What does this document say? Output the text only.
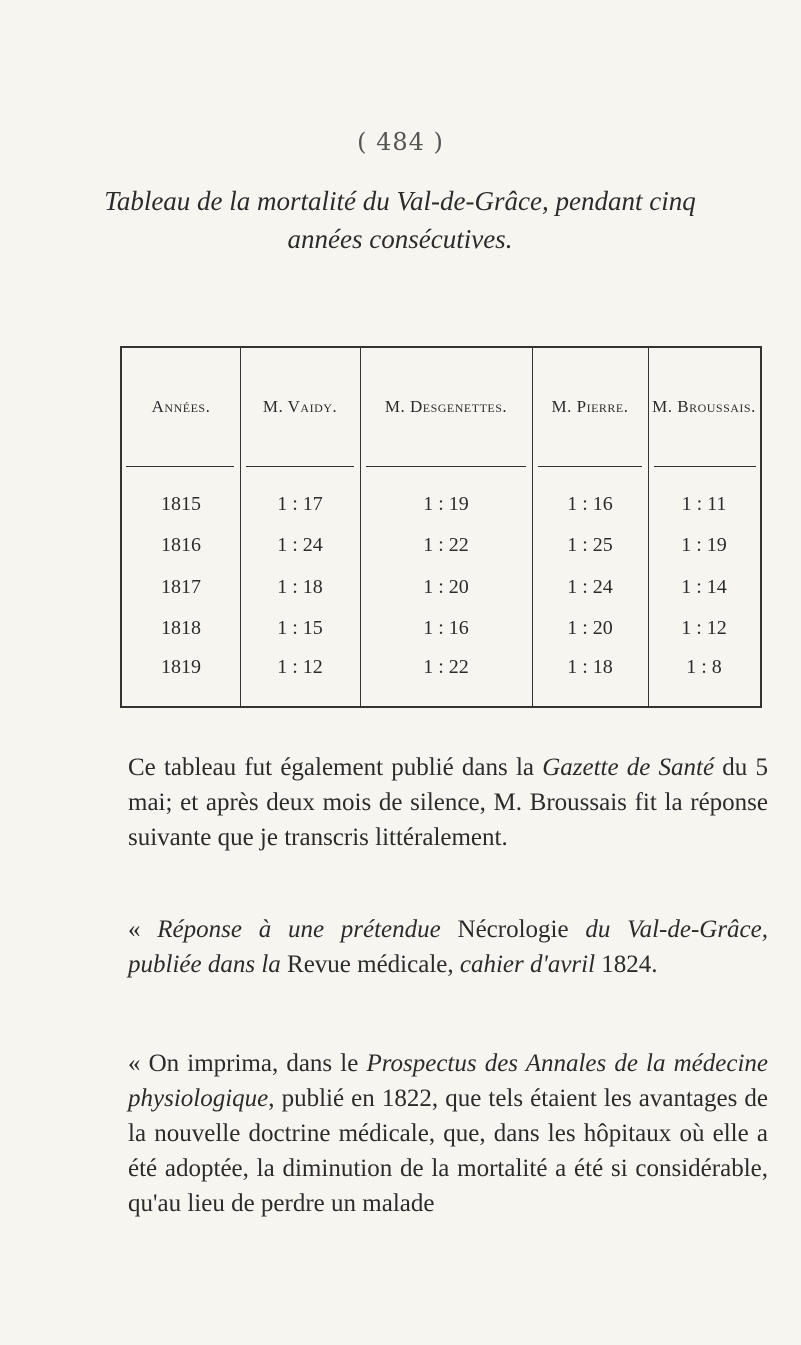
( 484 )
Tableau de la mortalité du Val-de-Grâce, pendant cinq années consécutives.
Années.	M. Vaidy.	M. Desgenettes.	M. Pierre.	M. Broussais.
1815	1 : 17	1 : 19	1 : 16	1 : 11
1816	1 : 24	1 : 22	1 : 25	1 : 19
1817	1 : 18	1 : 20	1 : 24	1 : 14
1818	1 : 15	1 : 16	1 : 20	1 : 12
1819	1 : 12	1 : 22	1 : 18	1 : 8
Ce tableau fut également publié dans la Gazette de Santé du 5 mai; et après deux mois de silence, M. Broussais fit la réponse suivante que je transcris littéralement.
« Réponse à une prétendue Nécrologie du Val-de-Grâce, publiée dans la Revue médicale, cahier d'avril 1824.
« On imprima, dans le Prospectus des Annales de la médecine physiologique, publié en 1822, que tels étaient les avantages de la nouvelle doctrine médicale, que, dans les hôpitaux où elle a été adoptée, la diminution de la mortalité a été si considérable, qu'au lieu de perdre un malade
